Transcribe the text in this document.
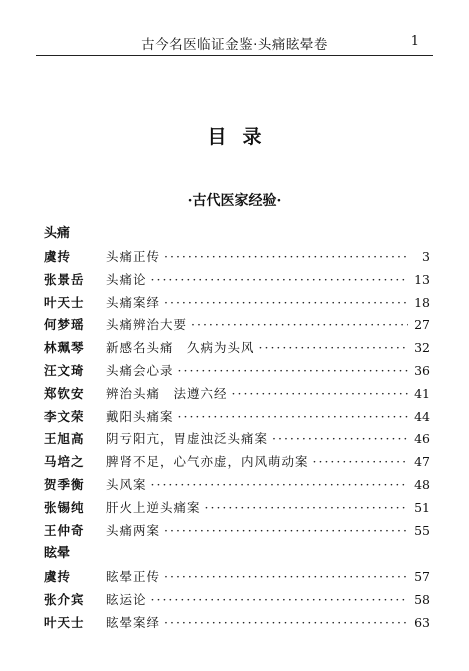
古今名医临证金鉴·头痛眩晕卷	1
目录
·古代医家经验·
头痛
虞抟	头痛正传 ·····	3
张景岳	头痛论 ·····	13
叶天士	头痛案绎 ·····	18
何梦瑶	头痛辨治大要 ·····	27
林珮琴	新感名头痛　久病为头风 ·····	32
汪文琦	头痛会心录 ·····	36
郑钦安	辨治头痛　法遵六经 ·····	41
李文荣	戴阳头痛案 ·····	44
王旭高	阴亏阳亢，胃虚浊泛头痛案 ·····	46
马培之	脾肾不足，心气亦虚，内风萌动案 ·····	47
贺季衡	头风案 ·····	48
张锡纯	肝火上逆头痛案 ·····	51
王仲奇	头痛两案 ·····	55
眩晕
虞抟	眩晕正传 ·····	57
张介宾	眩运论 ·····	58
叶天士	眩晕案绎 ·····	63
